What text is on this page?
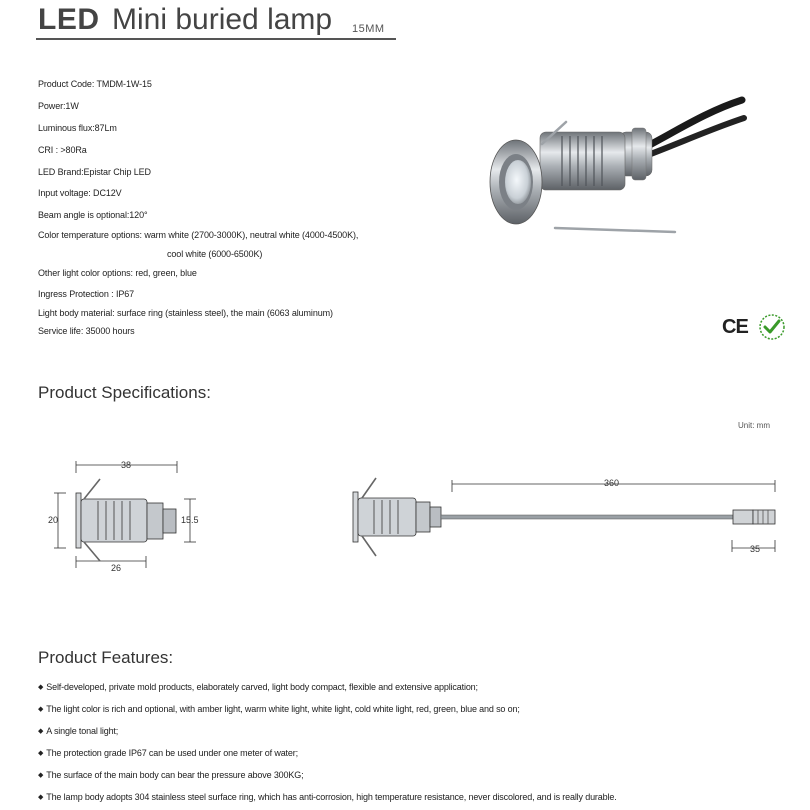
LED Mini buried lamp 15MM
Product Code: TMDM-1W-15
Power:1W
Luminous flux:87Lm
CRI : >80Ra
LED Brand:Epistar Chip LED
Input voltage: DC12V
Beam angle is optional:120°
Color temperature options: warm white (2700-3000K), neutral white (4000-4500K),
cool white (6000-6500K)
Other light color options: red, green, blue
Ingress Protection : IP67
Light body material: surface ring (stainless steel), the main (6063 aluminum)
Service life: 35000 hours	CE
Product Specifications:
Unit: mm
38
20	15.5
26
360
35
Product Features:
◆ Self-developed, private mold products, elaborately carved, light body compact, flexible and extensive application;
◆ The light color is rich and optional, with amber light, warm white light, white light, cold white light, red, green, blue and so on;
◆ A single tonal light;
◆ The protection grade IP67 can be used under one meter of water;
◆ The surface of the main body can bear the pressure above 300KG;
◆ The lamp body adopts 304 stainless steel surface ring, which has anti-corrosion, high temperature resistance, never discolored, and is really durable.
